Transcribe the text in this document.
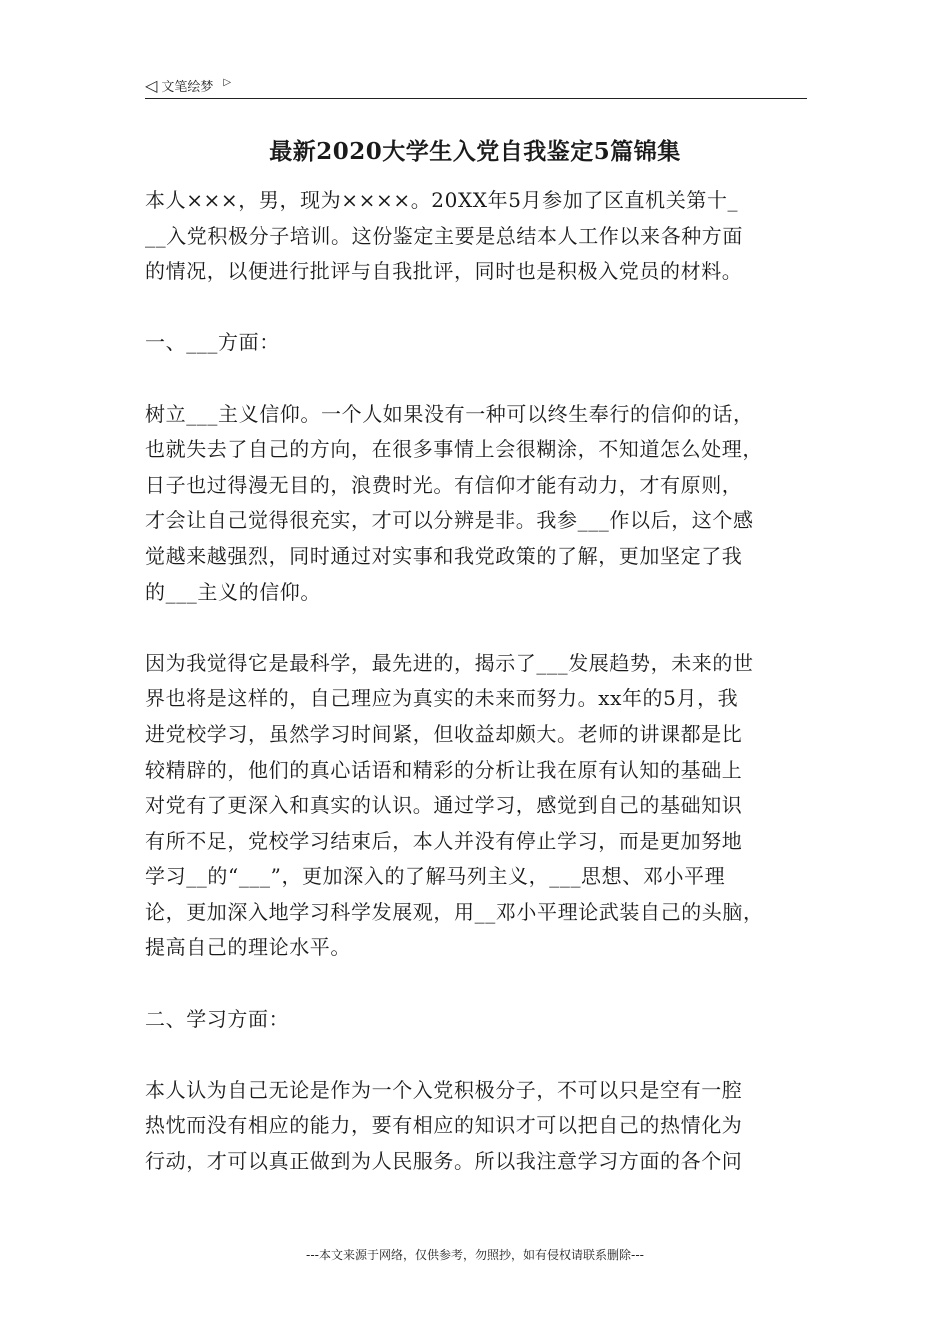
◁ 文笔绘梦 ▷
最新2020大学生入党自我鉴定5篇锦集
本人×××，男，现为××××。20XX年5月参加了区直机关第十_
__入党积极分子培训。这份鉴定主要是总结本人工作以来各种方面
的情况，以便进行批评与自我批评，同时也是积极入党员的材料。
一、___方面：
树立___主义信仰。一个人如果没有一种可以终生奉行的信仰的话，
也就失去了自己的方向，在很多事情上会很糊涂，不知道怎么处理，
日子也过得漫无目的，浪费时光。有信仰才能有动力，才有原则，
才会让自己觉得很充实，才可以分辨是非。我参___作以后，这个感
觉越来越强烈，同时通过对实事和我党政策的了解，更加坚定了我
的___主义的信仰。
因为我觉得它是最科学，最先进的，揭示了___发展趋势，未来的世
界也将是这样的，自己理应为真实的未来而努力。xx年的5月，我
进党校学习，虽然学习时间紧，但收益却颇大。老师的讲课都是比
较精辟的，他们的真心话语和精彩的分析让我在原有认知的基础上
对党有了更深入和真实的认识。通过学习，感觉到自己的基础知识
有所不足，党校学习结束后，本人并没有停止学习，而是更加努地
学习__的“___”，更加深入的了解马列主义，___思想、邓小平理
论，更加深入地学习科学发展观，用__邓小平理论武装自己的头脑，
提高自己的理论水平。
二、学习方面：
本人认为自己无论是作为一个入党积极分子，不可以只是空有一腔
热忱而没有相应的能力，要有相应的知识才可以把自己的热情化为
行动，才可以真正做到为人民服务。所以我注意学习方面的各个问
---本文来源于网络，仅供参考，勿照抄，如有侵权请联系删除---
